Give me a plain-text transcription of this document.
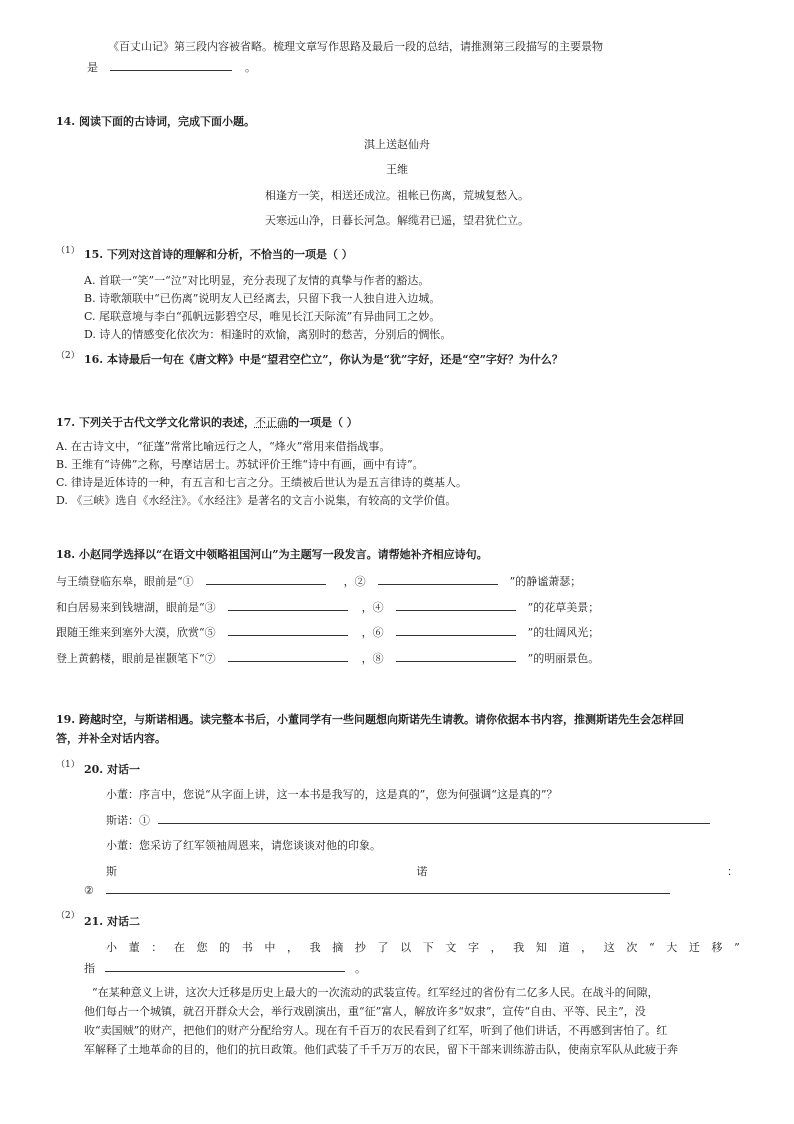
《百丈山记》第三段内容被省略。梳理文章写作思路及最后一段的总结，请推测第三段描写的主要景物
是	。
14. 阅读下面的古诗词，完成下面小题。
淇上送赵仙舟
王维
相逢方一笑，相送还成泣。祖帐已伤离，荒城复愁入。
天寒远山净，日暮长河急。解缆君已遥，望君犹伫立。
（1） 15. 下列对这首诗的理解和分析，不恰当的一项是（ ）
A. 首联一“笑”一“泣”对比明显，充分表现了友情的真挚与作者的豁达。
B. 诗歌颔联中“已伤离”说明友人已经离去，只留下我一人独自进入边城。
C. 尾联意境与李白“孤帆远影碧空尽，唯见长江天际流”有异曲同工之妙。
D. 诗人的情感变化依次为：相逢时的欢愉，离别时的愁苦，分别后的惆怅。
（2） 16. 本诗最后一句在《唐文粹》中是“望君空伫立”，你认为是“犹”字好，还是“空”字好？为什么？
17. 下列关于古代文学文化常识的表述，不正确的一项是（ ）
A. 在古诗文中，“征蓬”常常比喻远行之人，“烽火”常用来借指战事。
B. 王维有“诗佛”之称，号摩诘居士。苏轼评价王维“诗中有画，画中有诗”。
C. 律诗是近体诗的一种，有五言和七言之分。王绩被后世认为是五言律诗的奠基人。
D. 《三峡》选自《水经注》。《水经注》是著名的文言小说集，有较高的文学价值。
18. 小赵同学选择以“在语文中领略祖国河山”为主题写一段发言。请帮她补齐相应诗句。
与王绩登临东皋，眼前是“①	，②	”的静谧萧瑟；
和白居易来到钱塘湖，眼前是“③	，④	”的花草美景；
跟随王维来到塞外大漠，欣赏“⑤	，⑥	”的壮阔风光；
登上黄鹤楼，眼前是崔颢笔下“⑦	，⑧	”的明丽景色。
19. 跨越时空，与斯诺相遇。读完整本书后，小董同学有一些问题想向斯诺先生请教。请你依据本书内容，推测斯诺先生会怎样回
答，并补全对话内容。
（1） 20. 对话一
小董：序言中，您说“从字面上讲，这一本书是我写的，这是真的”，您为何强调“这是真的”？
斯诺：①
小董：您采访了红军领袖周恩来，请您谈谈对他的印象。
斯	诺	：
②
（2） 21. 对话二
小 董 ： 在 您 的 书 中 ， 我 摘 抄 了 以 下 文 字 ， 我 知 道 ， 这 次 “ 大 迁 移 ”
指	。
“在某种意义上讲，这次大迁移是历史上最大的一次流动的武装宣传。红军经过的省份有二亿多人民。在战斗的间隙，
他们每占一个城镇，就召开群众大会，举行戏剧演出，重“征”富人，解放许多“奴隶”，宣传“自由、平等、民主”，没
收“卖国贼”的财产，把他们的财产分配给穷人。现在有千百万的农民看到了红军，听到了他们讲话，不再感到害怕了。红
军解释了土地革命的目的，他们的抗日政策。他们武装了千千万万的农民，留下干部来训练游击队，使南京军队从此疲于奔
